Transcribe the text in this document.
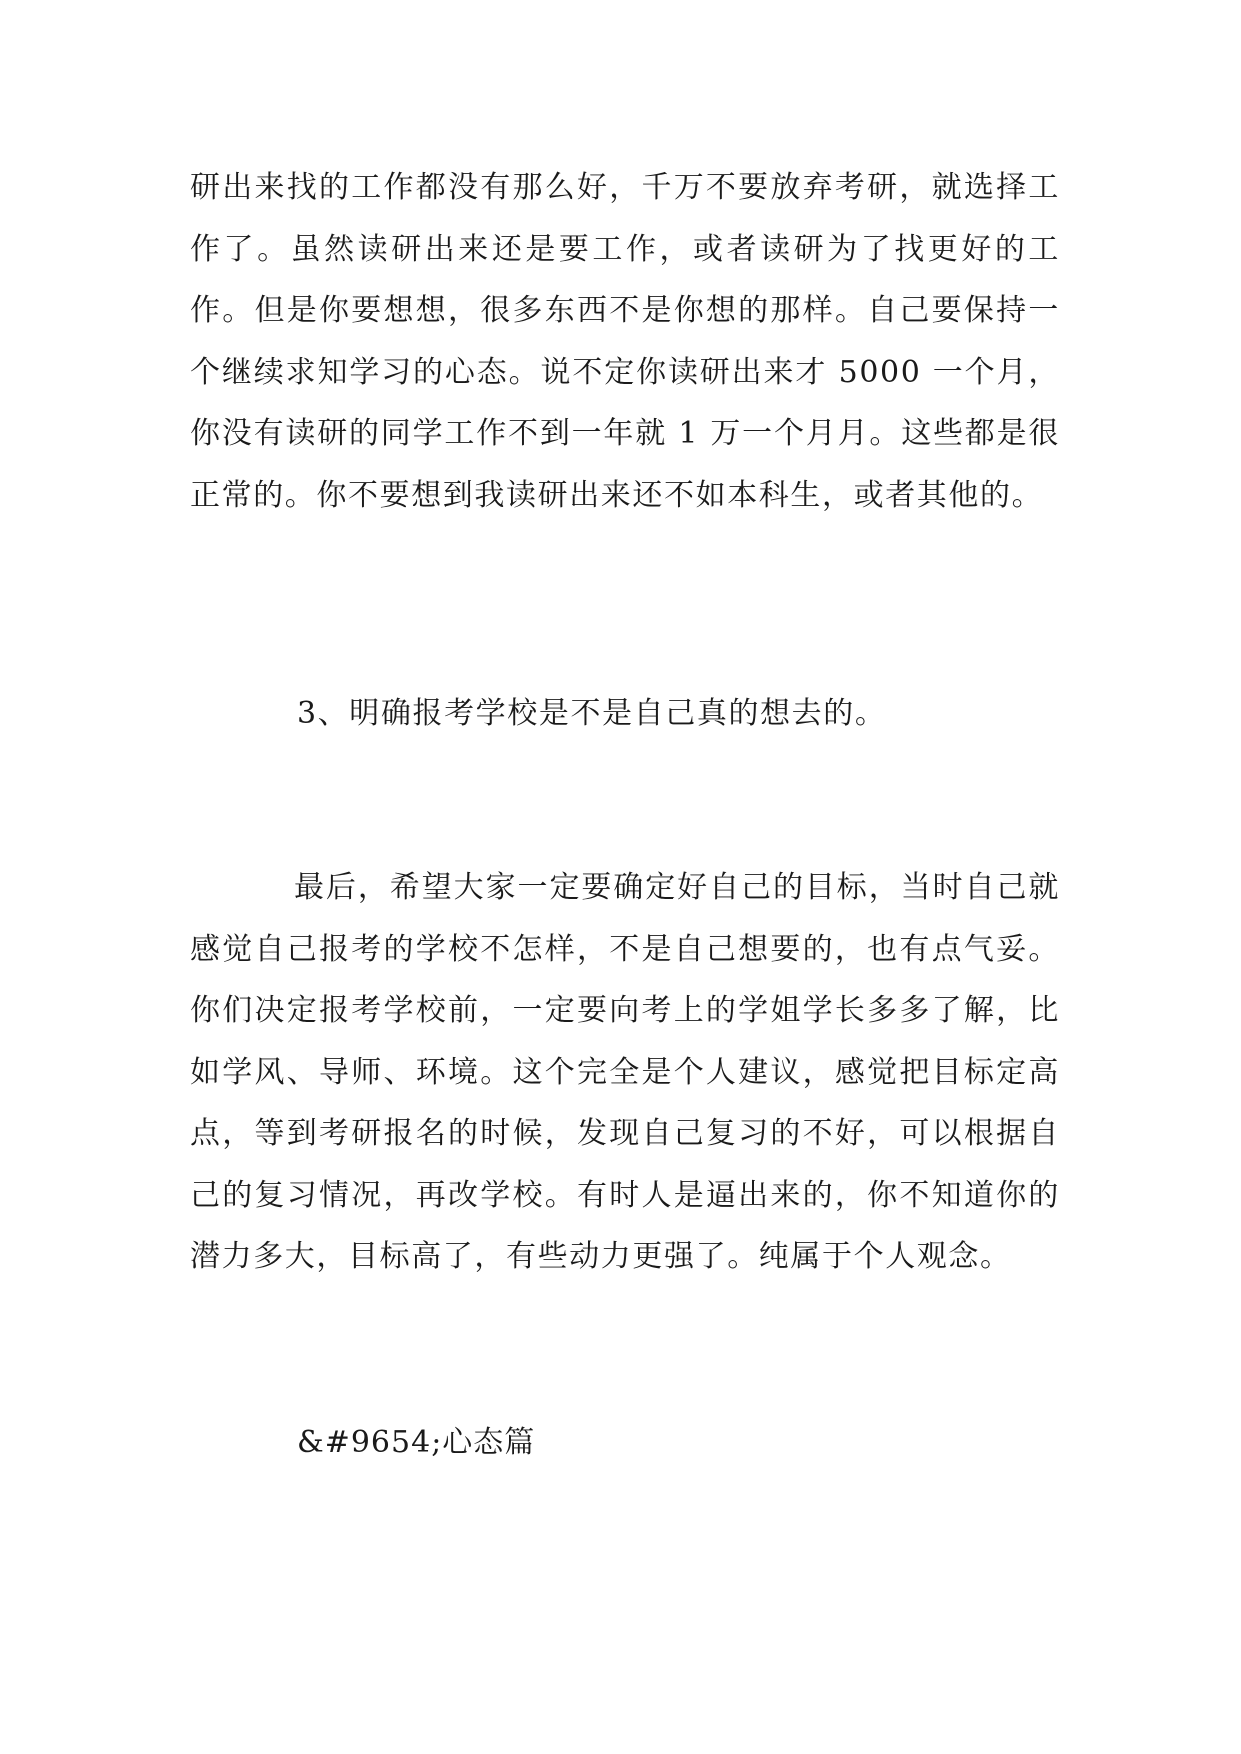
研出来找的工作都没有那么好，千万不要放弃考研，就选择工作了。虽然读研出来还是要工作，或者读研为了找更好的工作。但是你要想想，很多东西不是你想的那样。自己要保持一个继续求知学习的心态。说不定你读研出来才 5000 一个月，你没有读研的同学工作不到一年就 1 万一个月月。这些都是很正常的。你不要想到我读研出来还不如本科生，或者其他的。

3、明确报考学校是不是自己真的想去的。

最后，希望大家一定要确定好自己的目标，当时自己就感觉自己报考的学校不怎样，不是自己想要的，也有点气妥。你们决定报考学校前，一定要向考上的学姐学长多多了解，比如学风、导师、环境。这个完全是个人建议，感觉把目标定高点，等到考研报名的时候，发现自己复习的不好，可以根据自己的复习情况，再改学校。有时人是逼出来的，你不知道你的潜力多大，目标高了，有些动力更强了。纯属于个人观念。

&#9654;心态篇
